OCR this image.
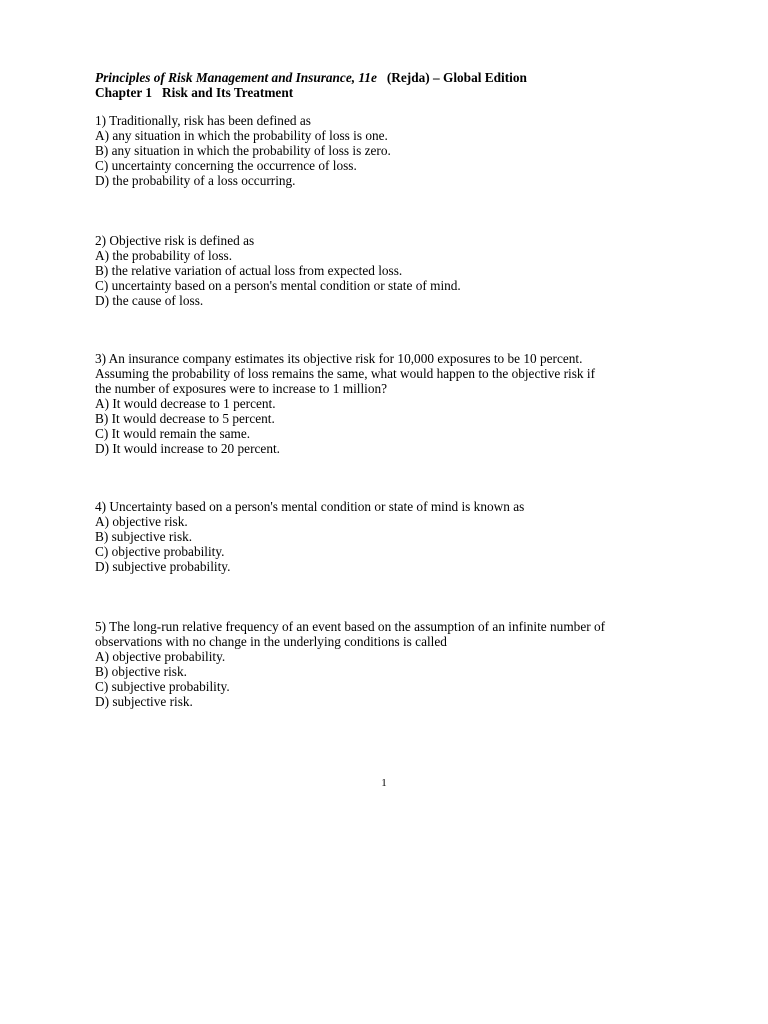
Principles of Risk Management and Insurance, 11e (Rejda) – Global Edition
Chapter 1 Risk and Its Treatment
1) Traditionally, risk has been defined as
A) any situation in which the probability of loss is one.
B) any situation in which the probability of loss is zero.
C) uncertainty concerning the occurrence of loss.
D) the probability of a loss occurring.
2) Objective risk is defined as
A) the probability of loss.
B) the relative variation of actual loss from expected loss.
C) uncertainty based on a person's mental condition or state of mind.
D) the cause of loss.
3) An insurance company estimates its objective risk for 10,000 exposures to be 10 percent.
Assuming the probability of loss remains the same, what would happen to the objective risk if
the number of exposures were to increase to 1 million?
A) It would decrease to 1 percent.
B) It would decrease to 5 percent.
C) It would remain the same.
D) It would increase to 20 percent.
4) Uncertainty based on a person's mental condition or state of mind is known as
A) objective risk.
B) subjective risk.
C) objective probability.
D) subjective probability.
5) The long-run relative frequency of an event based on the assumption of an infinite number of
observations with no change in the underlying conditions is called
A) objective probability.
B) objective risk.
C) subjective probability.
D) subjective risk.
1
